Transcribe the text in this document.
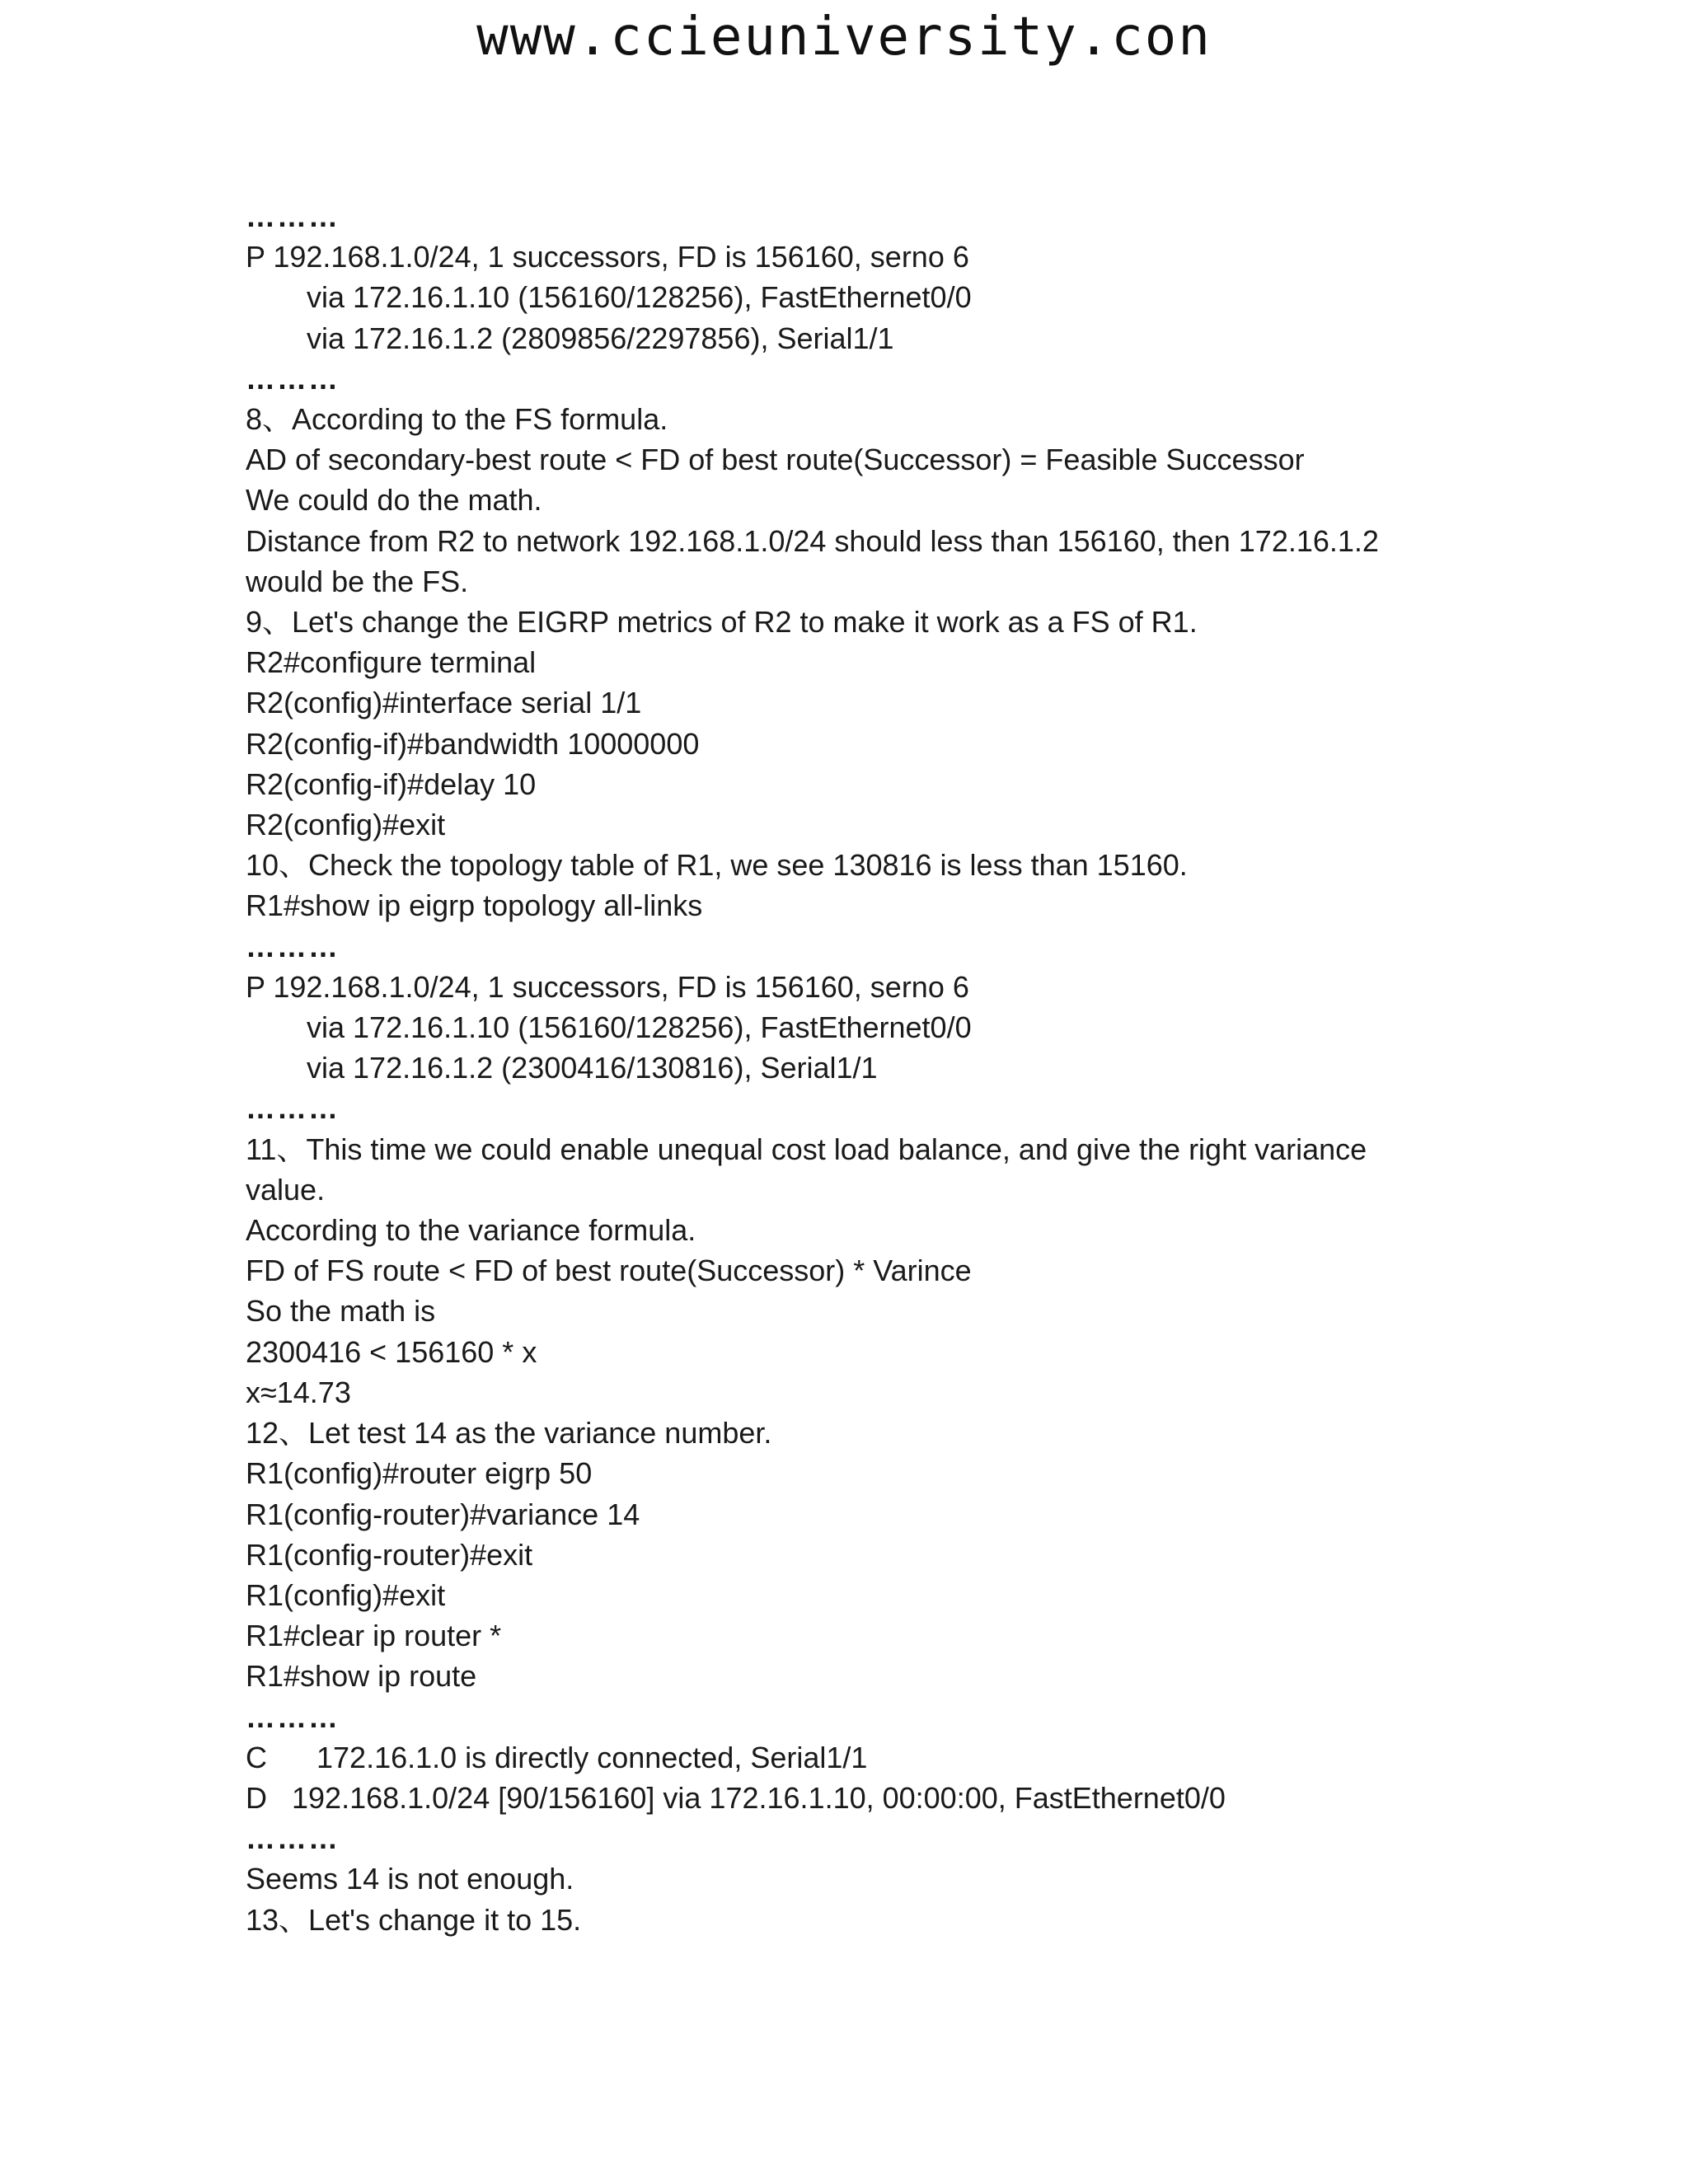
www.ccieuniversity.con
………
P 192.168.1.0/24, 1 successors, FD is 156160, serno 6
via 172.16.1.10 (156160/128256), FastEthernet0/0
via 172.16.1.2 (2809856/2297856), Serial1/1
………
8、According to the FS formula.
AD of secondary-best route < FD of best route(Successor) = Feasible Successor
We could do the math.
Distance from R2 to network 192.168.1.0/24 should less than 156160, then 172.16.1.2
would be the FS.
9、Let's change the EIGRP metrics of R2 to make it work as a FS of R1.
R2#configure terminal
R2(config)#interface serial 1/1
R2(config-if)#bandwidth 10000000
R2(config-if)#delay 10
R2(config)#exit
10、Check the topology table of R1, we see 130816 is less than 15160.
R1#show ip eigrp topology all-links
………
P 192.168.1.0/24, 1 successors, FD is 156160, serno 6
via 172.16.1.10 (156160/128256), FastEthernet0/0
via 172.16.1.2 (2300416/130816), Serial1/1
………
11、This time we could enable unequal cost load balance, and give the right variance
value.
According to the variance formula.
FD of FS route < FD of best route(Successor) * Varince
So the math is
2300416 < 156160 * x
x≈14.73
12、Let test 14 as the variance number.
R1(config)#router eigrp 50
R1(config-router)#variance 14
R1(config-router)#exit
R1(config)#exit
R1#clear ip router *
R1#show ip route
………
C      172.16.1.0 is directly connected, Serial1/1
D   192.168.1.0/24 [90/156160] via 172.16.1.10, 00:00:00, FastEthernet0/0
………
Seems 14 is not enough.
13、Let's change it to 15.
